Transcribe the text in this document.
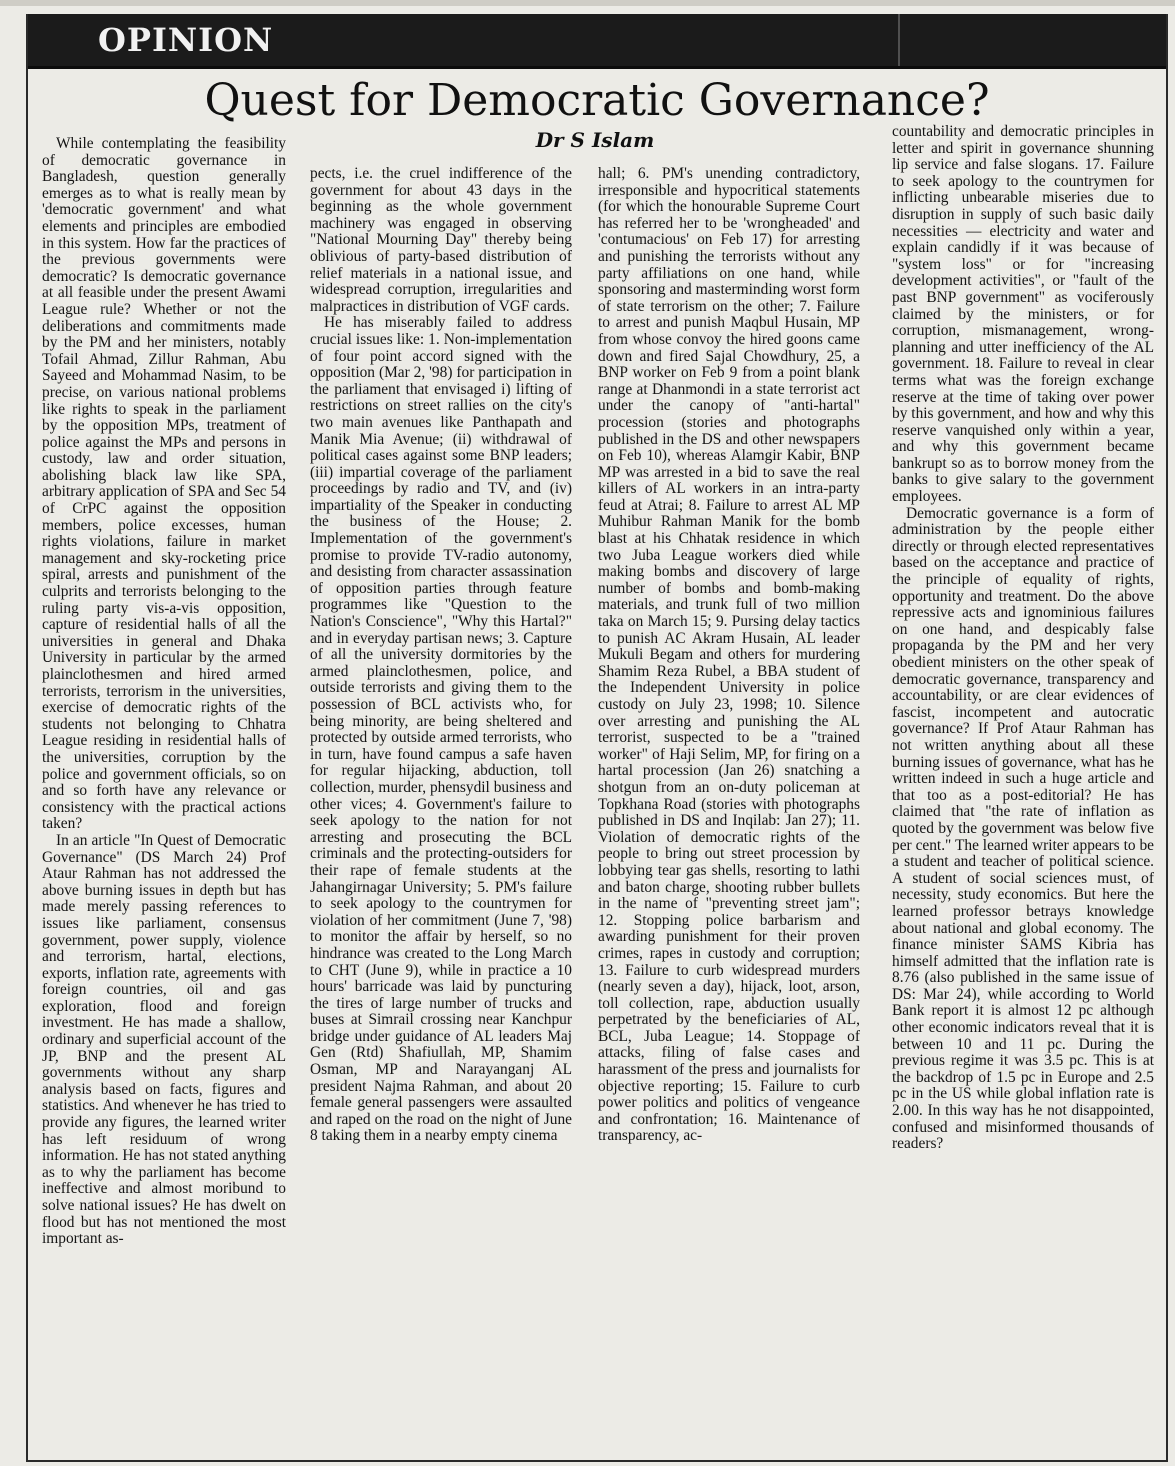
OPINION
Quest for Democratic Governance?
Dr S Islam

While contemplating the feasibility of democratic governance in Bangladesh, question generally emerges as to what is really mean by 'democratic government' and what elements and principles are embodied in this system. How far the practices of the previous governments were democratic? Is democratic governance at all feasible under the present Awami League rule? Whether or not the deliberations and commitments made by the PM and her ministers, notably Tofail Ahmad, Zillur Rahman, Abu Sayeed and Mohammad Nasim, to be precise, on various national problems like rights to speak in the parliament by the opposition MPs, treatment of police against the MPs and persons in custody, law and order situation, abolishing black law like SPA, arbitrary application of SPA and Sec 54 of CrPC against the opposition members, police excesses, human rights violations, failure in market management and sky-rocketing price spiral, arrests and punishment of the culprits and terrorists belonging to the ruling party vis-a-vis opposition, capture of residential halls of all the universities in general and Dhaka University in particular by the armed plainclothesmen and hired armed terrorists, terrorism in the universities, exercise of democratic rights of the students not belonging to Chhatra League residing in residential halls of the universities, corruption by the police and government officials, so on and so forth have any relevance or consistency with the practical actions taken?

In an article "In Quest of Democratic Governance" (DS March 24) Prof Ataur Rahman has not addressed the above burning issues in depth but has made merely passing references to issues like parliament, consensus government, power supply, violence and terrorism, hartal, elections, exports, inflation rate, agreements with foreign countries, oil and gas exploration, flood and foreign investment. He has made a shallow, ordinary and superficial account of the JP, BNP and the present AL governments without any sharp analysis based on facts, figures and statistics. And whenever he has tried to provide any figures, the learned writer has left residuum of wrong information. He has not stated anything as to why the parliament has become ineffective and almost moribund to solve national issues? He has dwelt on flood but has not mentioned the most important as-

pects, i.e. the cruel indifference of the government for about 43 days in the beginning as the whole government machinery was engaged in observing "National Mourning Day" thereby being oblivious of party-based distribution of relief materials in a national issue, and widespread corruption, irregularities and malpractices in distribution of VGF cards.

He has miserably failed to address crucial issues like: 1. Non-implementation of four point accord signed with the opposition (Mar 2, '98) for participation in the parliament that envisaged i) lifting of restrictions on street rallies on the city's two main avenues like Panthapath and Manik Mia Avenue; (ii) withdrawal of political cases against some BNP leaders; (iii) impartial coverage of the parliament proceedings by radio and TV, and (iv) impartiality of the Speaker in conducting the business of the House; 2. Implementation of the government's promise to provide TV-radio autonomy, and desisting from character assassination of opposition parties through feature programmes like "Question to the Nation's Conscience", "Why this Hartal?" and in everyday partisan news; 3. Capture of all the university dormitories by the armed plainclothesmen, police, and outside terrorists and giving them to the possession of BCL activists who, for being minority, are being sheltered and protected by outside armed terrorists, who in turn, have found campus a safe haven for regular hijacking, abduction, toll collection, murder, phensydil business and other vices; 4. Government's failure to seek apology to the nation for not arresting and prosecuting the BCL criminals and the protecting-outsiders for their rape of female students at the Jahangirnagar University; 5. PM's failure to seek apology to the countrymen for violation of her commitment (June 7, '98) to monitor the affair by herself, so no hindrance was created to the Long March to CHT (June 9), while in practice a 10 hours' barricade was laid by puncturing the tires of large number of trucks and buses at Simrail crossing near Kanchpur bridge under guidance of AL leaders Maj Gen (Rtd) Shafiullah, MP, Shamim Osman, MP and Narayanganj AL president Najma Rahman, and about 20 female general passengers were assaulted and raped on the road on the night of June 8 taking them in a nearby empty cinema

hall; 6. PM's unending contradictory, irresponsible and hypocritical statements (for which the honourable Supreme Court has referred her to be 'wrongheaded' and 'contumacious' on Feb 17) for arresting and punishing the terrorists without any party affiliations on one hand, while sponsoring and masterminding worst form of state terrorism on the other; 7. Failure to arrest and punish Maqbul Husain, MP from whose convoy the hired goons came down and fired Sajal Chowdhury, 25, a BNP worker on Feb 9 from a point blank range at Dhanmondi in a state terrorist act under the canopy of "anti-hartal" procession (stories and photographs published in the DS and other newspapers on Feb 10), whereas Alamgir Kabir, BNP MP was arrested in a bid to save the real killers of AL workers in an intra-party feud at Atrai; 8. Failure to arrest AL MP Muhibur Rahman Manik for the bomb blast at his Chhatak residence in which two Juba League workers died while making bombs and discovery of large number of bombs and bomb-making materials, and trunk full of two million taka on March 15; 9. Pursing delay tactics to punish AC Akram Husain, AL leader Mukuli Begam and others for murdering Shamim Reza Rubel, a BBA student of the Independent University in police custody on July 23, 1998; 10. Silence over arresting and punishing the AL terrorist, suspected to be a "trained worker" of Haji Selim, MP, for firing on a hartal procession (Jan 26) snatching a shotgun from an on-duty policeman at Topkhana Road (stories with photographs published in DS and Inqilab: Jan 27); 11. Violation of democratic rights of the people to bring out street procession by lobbying tear gas shells, resorting to lathi and baton charge, shooting rubber bullets in the name of "preventing street jam"; 12. Stopping police barbarism and awarding punishment for their proven crimes, rapes in custody and corruption; 13. Failure to curb widespread murders (nearly seven a day), hijack, loot, arson, toll collection, rape, abduction usually perpetrated by the beneficiaries of AL, BCL, Juba League; 14. Stoppage of attacks, filing of false cases and harassment of the press and journalists for objective reporting; 15. Failure to curb power politics and politics of vengeance and confrontation; 16. Maintenance of transparency, ac-

countability and democratic principles in letter and spirit in governance shunning lip service and false slogans. 17. Failure to seek apology to the countrymen for inflicting unbearable miseries due to disruption in supply of such basic daily necessities — electricity and water and explain candidly if it was because of "system loss" or for "increasing development activities", or "fault of the past BNP government" as vociferously claimed by the ministers, or for corruption, mismanagement, wrong-planning and utter inefficiency of the AL government. 18. Failure to reveal in clear terms what was the foreign exchange reserve at the time of taking over power by this government, and how and why this reserve vanquished only within a year, and why this government became bankrupt so as to borrow money from the banks to give salary to the government employees.

Democratic governance is a form of administration by the people either directly or through elected representatives based on the acceptance and practice of the principle of equality of rights, opportunity and treatment. Do the above repressive acts and ignominious failures on one hand, and despicably false propaganda by the PM and her very obedient ministers on the other speak of democratic governance, transparency and accountability, or are clear evidences of fascist, incompetent and autocratic governance? If Prof Ataur Rahman has not written anything about all these burning issues of governance, what has he written indeed in such a huge article and that too as a post-editorial? He has claimed that "the rate of inflation as quoted by the government was below five per cent." The learned writer appears to be a student and teacher of political science. A student of social sciences must, of necessity, study economics. But here the learned professor betrays knowledge about national and global economy. The finance minister SAMS Kibria has himself admitted that the inflation rate is 8.76 (also published in the same issue of DS: Mar 24), while according to World Bank report it is almost 12 pc although other economic indicators reveal that it is between 10 and 11 pc. During the previous regime it was 3.5 pc. This is at the backdrop of 1.5 pc in Europe and 2.5 pc in the US while global inflation rate is 2.00. In this way has he not disappointed, confused and misinformed thousands of readers?
